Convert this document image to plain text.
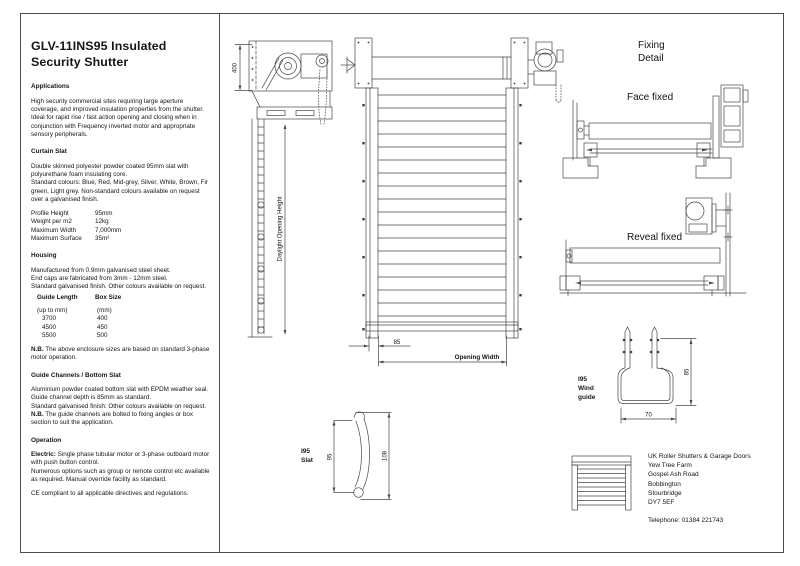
GLV-11INS95 Insulated Security Shutter
Applications

High security commercial sites requiring large aperture coverage, and improved insulation properties from the shutter. Ideal for rapid rise / fast action opening and closing when in conjunction with Frequency inverted motor and appropriate sensory peripherals.

Curtain Slat

Double skinned polyester powder coated 95mm slat with polyurethane foam insulating core.

Standard colours: Blue, Red, Mid-grey, Silver, White, Brown, Fir green, Light grey. Non-standard colours available on request over a galvanised finish.

Profile Height	95mm
Weight per m2	12kg
Maximum Width	7,000mm
Maximum Surface	35m²
Housing

Manufactured from 0.9mm galvanised steel sheet.

End caps are fabricated from 3mm - 12mm steel.

Standard galvanised finish. Other colours available on request.

Guide Length	Box Size
(up to mm)	(mm)
3700	400
4500	450
5500	500

N.B. The above enclosure sizes are based on standard 3-phase motor operation.

Guide Channels / Bottom Slat

Aluminium powder coated bottom slat with EPDM weather seal.

Guide channel depth is 85mm as standard.

Standard galvanised finish: Other colours available on request.

N.B. The guide channels are bolted to fixing angles or box section to suit the application.

Operation

Electric: Single phase tubular motor or 3-phase outboard motor with push button control.

Numerous options such as group or remote control etc available as required. Manual override facility as standard.

CE compliant to all applicable directives and regulations.

UK Roller Shutters & Garage Doors
Yew Tree Farm
Gospel Ash Road
Bobbington
Stourbridge
DY7 5EF
Telephone: 01384 221743
400
Daylight Opening Height
85
Opening Width
I95
Slat 95	108
Fixing
Detail
Face fixed
Reveal fixed
I95
Wind
guide
70
85
